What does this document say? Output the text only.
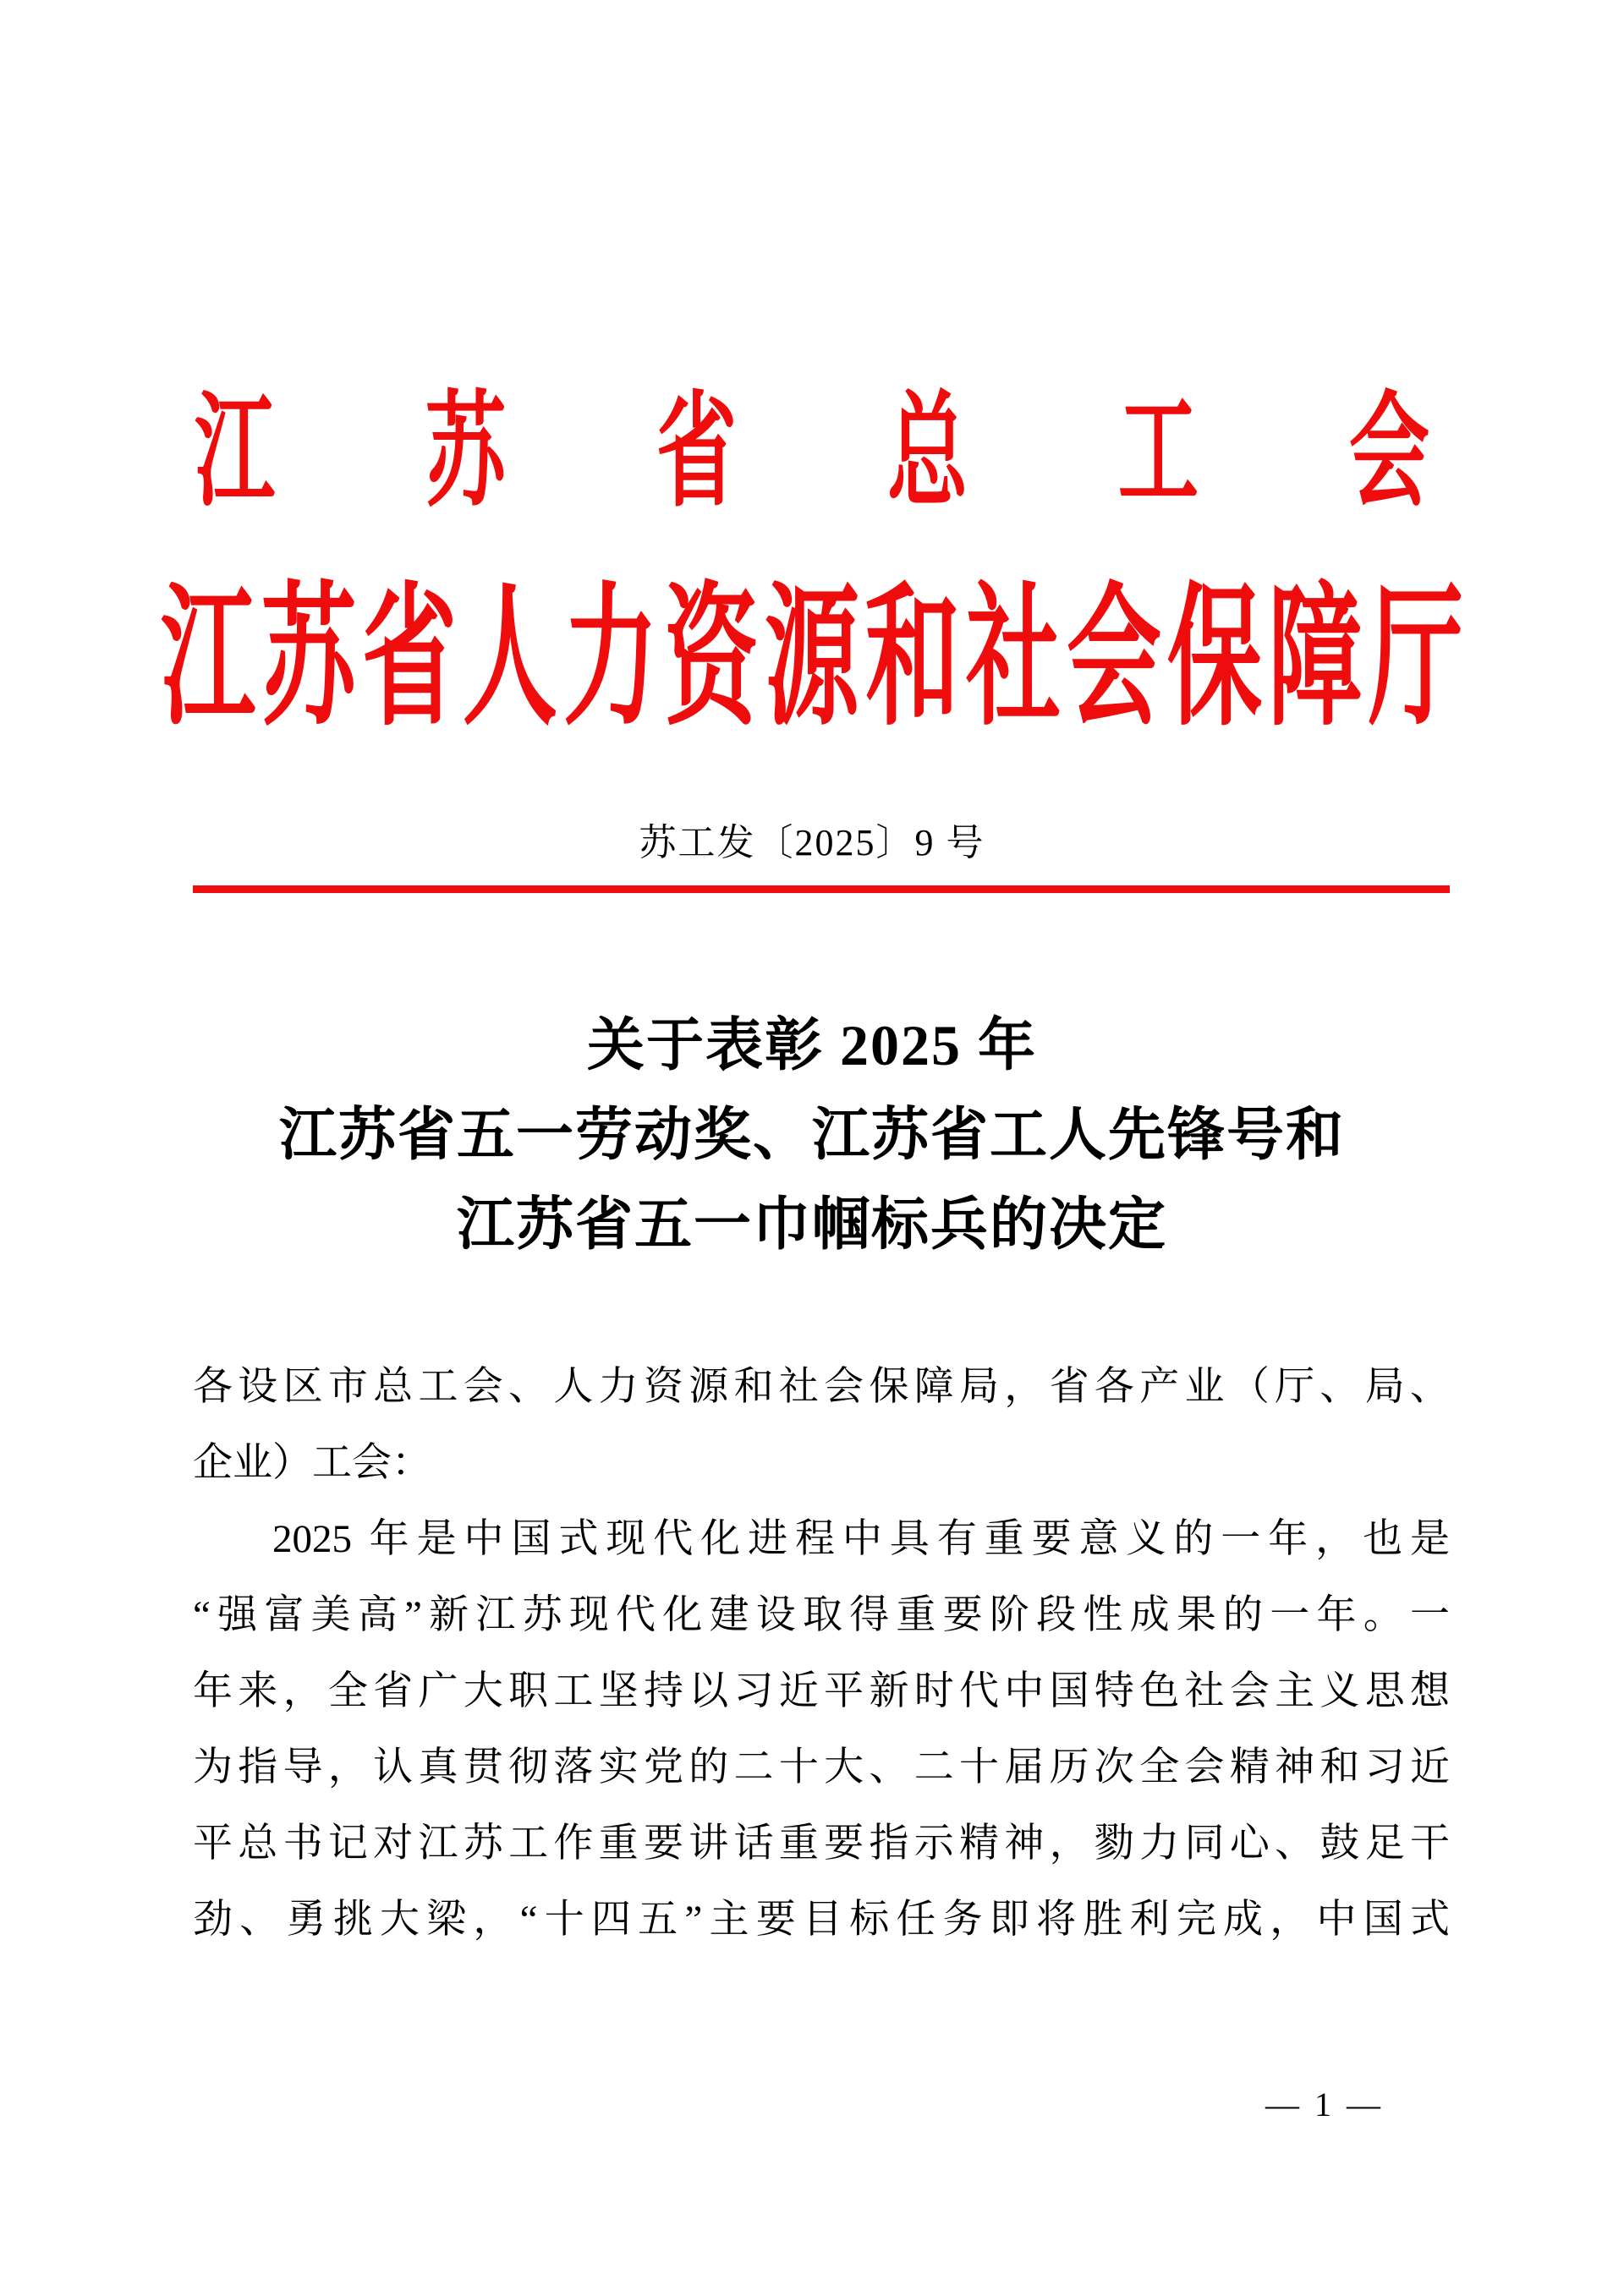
江苏省总工会
江苏省人力资源和社会保障厅
苏工发〔2025〕9 号
关于表彰 2025 年
江苏省五一劳动奖、江苏省工人先锋号和
江苏省五一巾帼标兵的决定
各设区市总工会、人力资源和社会保障局，省各产业（厅、局、
企业）工会：
2025 年是中国式现代化进程中具有重要意义的一年，也是
“强富美高”新江苏现代化建设取得重要阶段性成果的一年。一
年来，全省广大职工坚持以习近平新时代中国特色社会主义思想
为指导，认真贯彻落实党的二十大、二十届历次全会精神和习近
平总书记对江苏工作重要讲话重要指示精神，勠力同心、鼓足干
劲、勇挑大梁，“十四五”主要目标任务即将胜利完成，中国式
— 1 —
